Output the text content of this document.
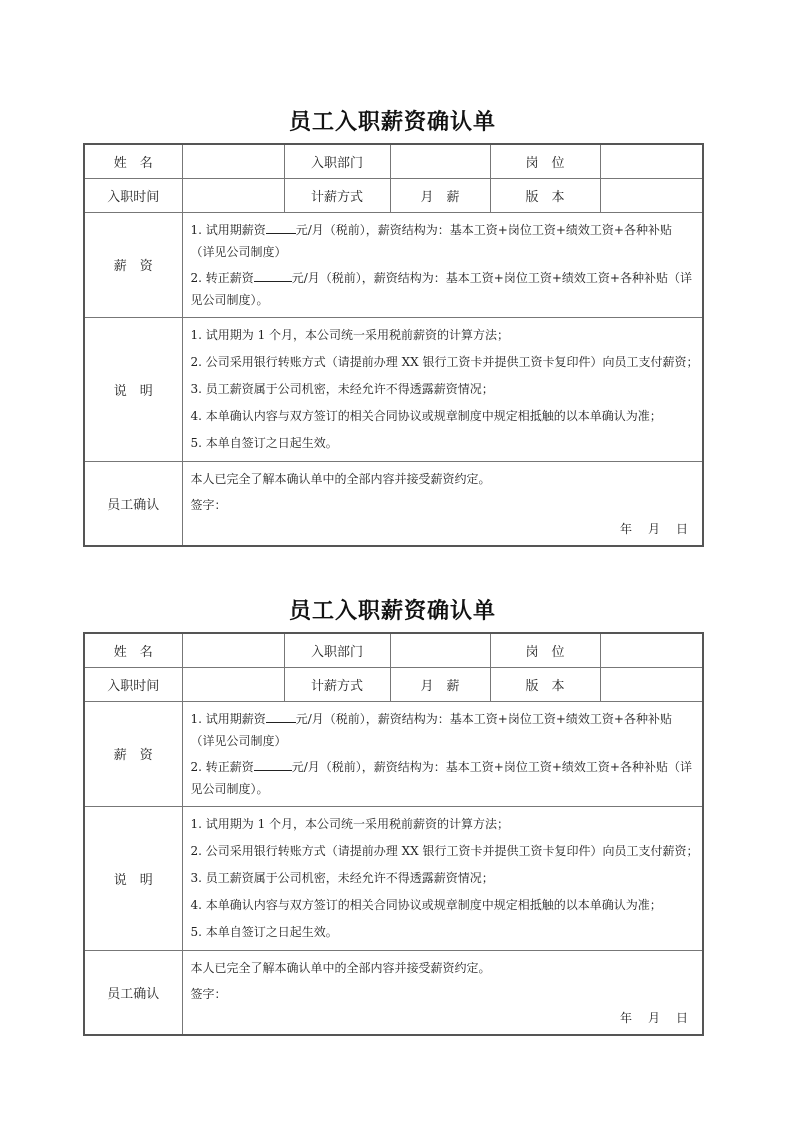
员工入职薪资确认单
姓　名		入职部门		岗　位	
入职时间		计薪方式	月　薪	版　本	
薪　资	1. 试用期薪资 元/月（税前），薪资结构为：基本工资+岗位工资+绩效工资+各种补贴（详见公司制度）
2. 转正薪资 元/月（税前），薪资结构为：基本工资+岗位工资+绩效工资+各种补贴（详见公司制度）。				

说　明	1. 试用期为 1 个月，本公司统一采用税前薪资的计算方法；
2. 公司采用银行转账方式（请提前办理 XX 银行工资卡并提供工资卡复印件）向员工支付薪资；
3. 员工薪资属于公司机密，未经允许不得透露薪资情况；
4. 本单确认内容与双方签订的相关合同协议或规章制度中规定相抵触的以本单确认为准；
5. 本单自签订之日起生效。				

员工确认	本人已完全了解本确认单中的全部内容并接受薪资约定。
签字：
年 月 日				
员工入职薪资确认单
姓　名		入职部门		岗　位	
入职时间		计薪方式	月　薪	版　本	
薪　资	1. 试用期薪资 元/月（税前），薪资结构为：基本工资+岗位工资+绩效工资+各种补贴（详见公司制度）
2. 转正薪资 元/月（税前），薪资结构为：基本工资+岗位工资+绩效工资+各种补贴（详见公司制度）。				

说　明	1. 试用期为 1 个月，本公司统一采用税前薪资的计算方法；
2. 公司采用银行转账方式（请提前办理 XX 银行工资卡并提供工资卡复印件）向员工支付薪资；
3. 员工薪资属于公司机密，未经允许不得透露薪资情况；
4. 本单确认内容与双方签订的相关合同协议或规章制度中规定相抵触的以本单确认为准；
5. 本单自签订之日起生效。				

员工确认	本人已完全了解本确认单中的全部内容并接受薪资约定。
签字：
年 月 日				
